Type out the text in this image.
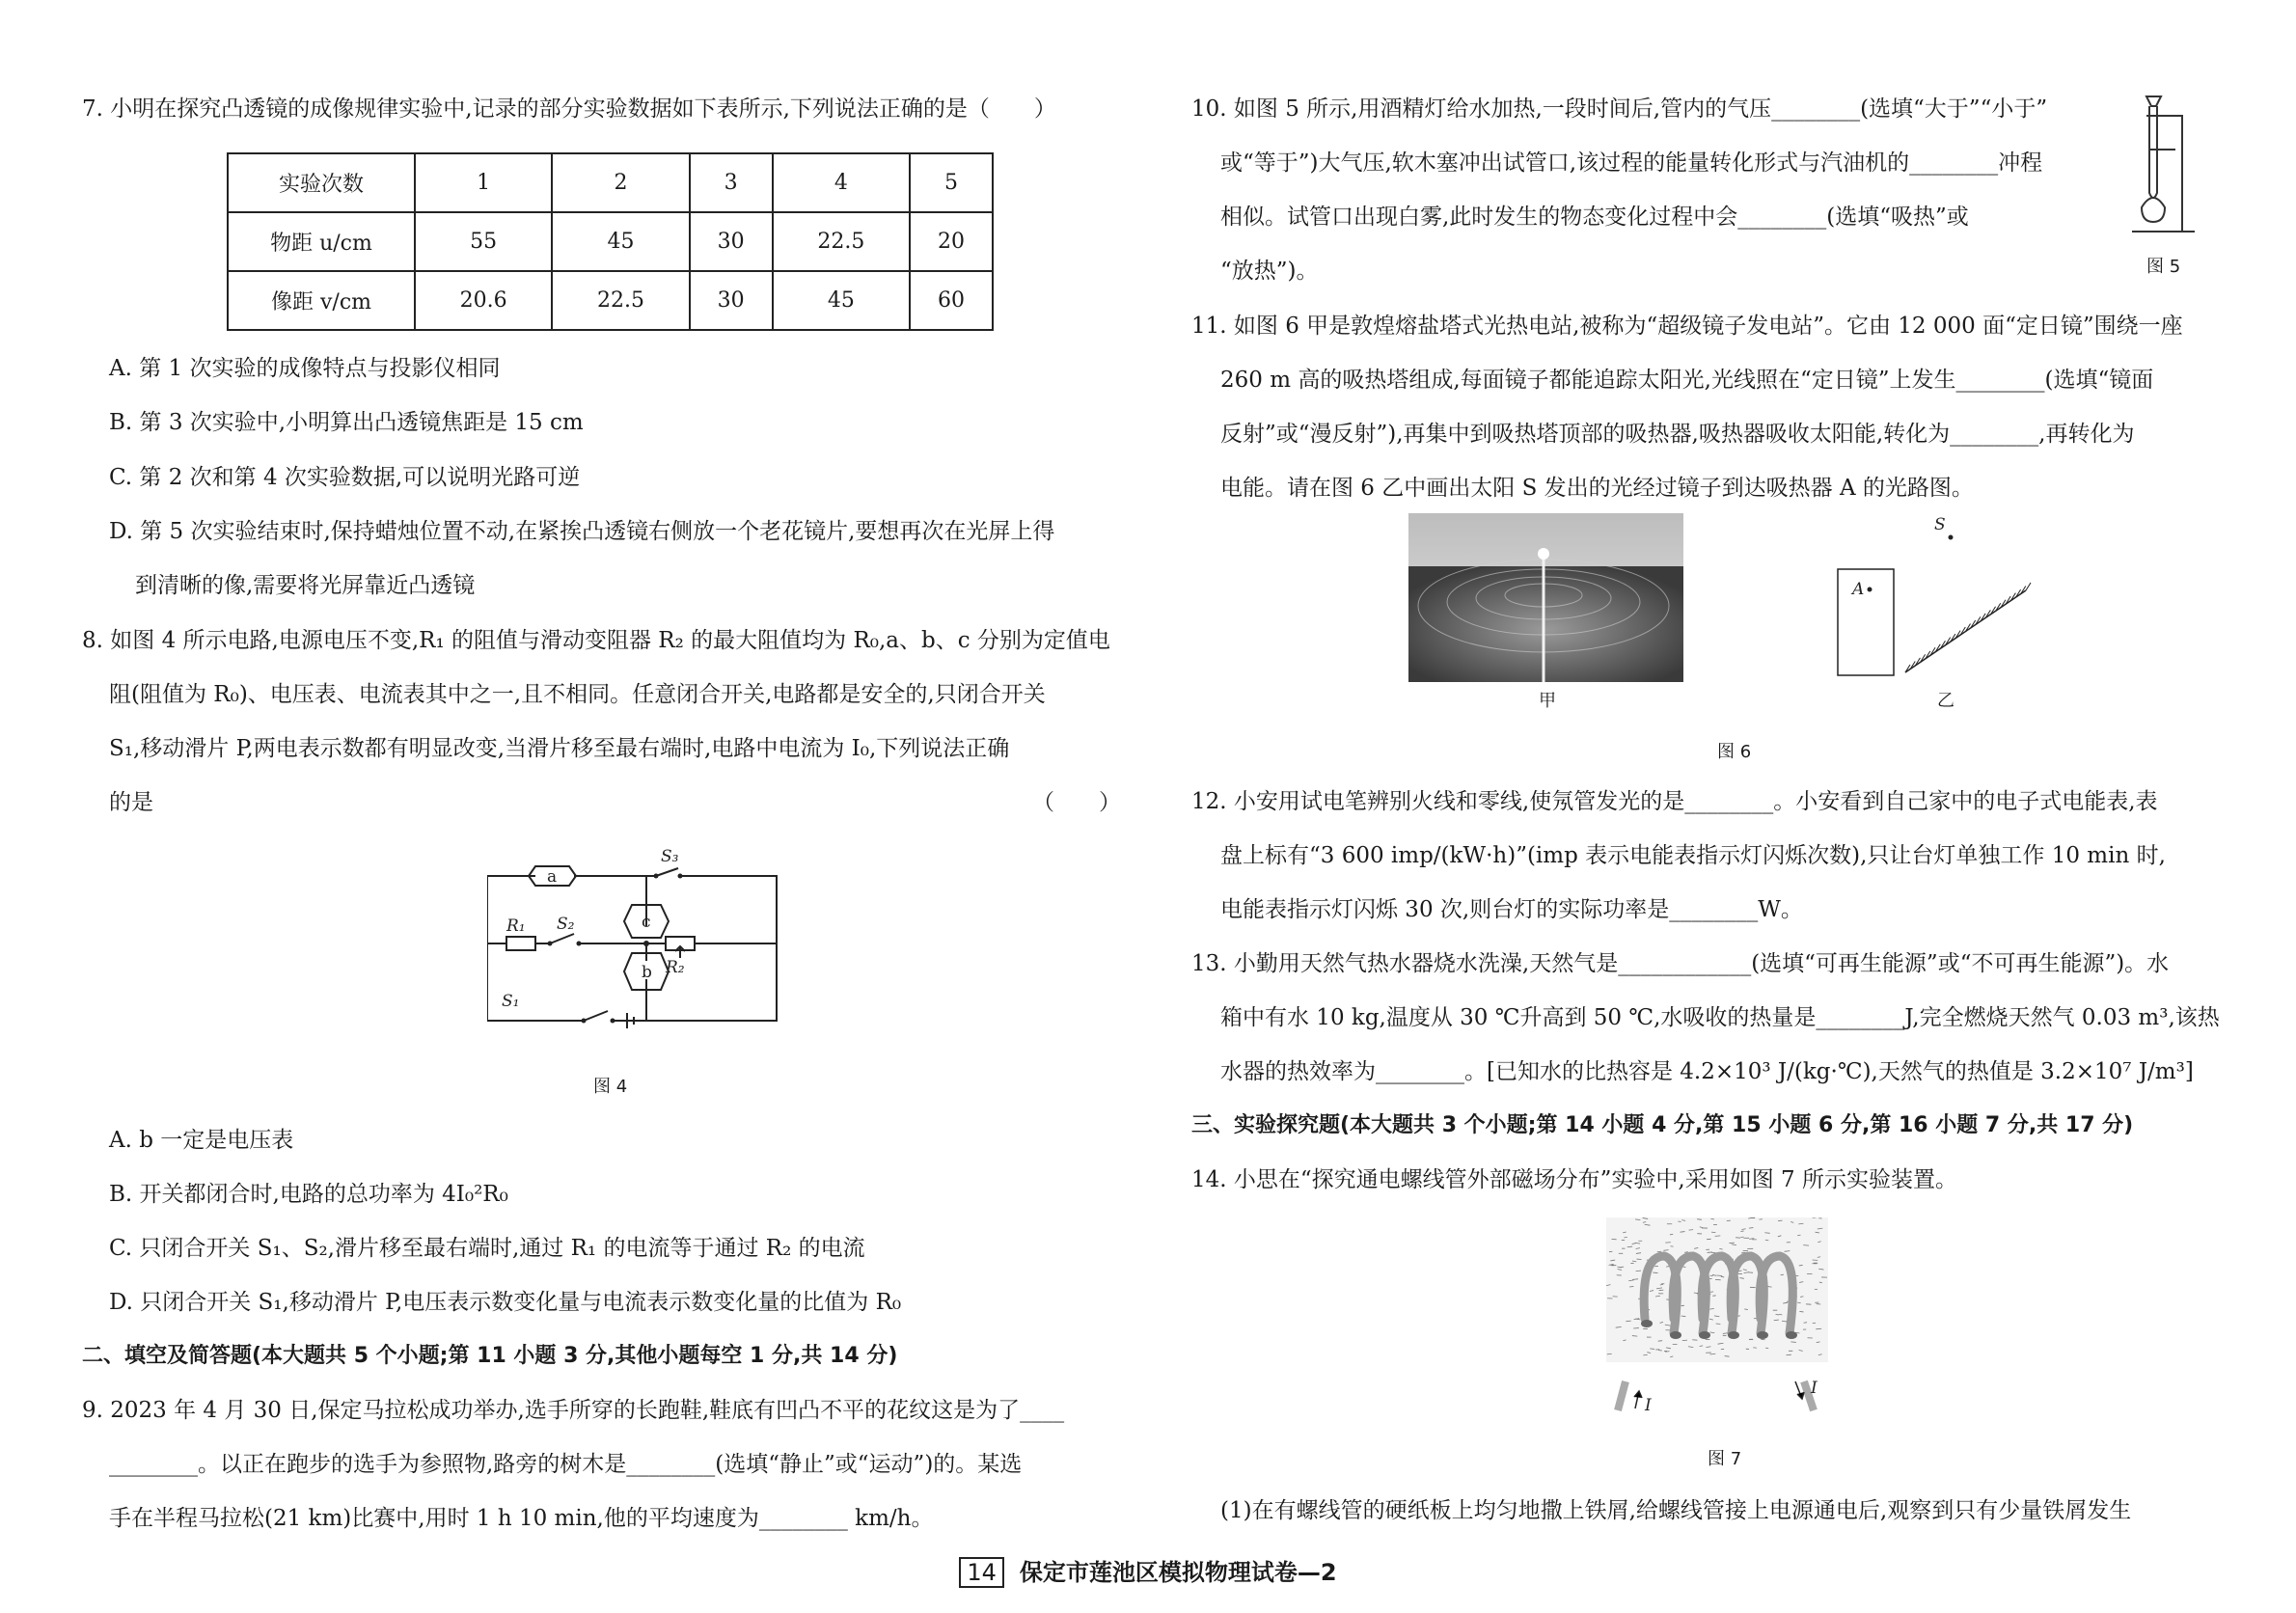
7. 小明在探究凸透镜的成像规律实验中,记录的部分实验数据如下表所示,下列说法正确的是（　　）
实验次数	1	2	3	4	5
物距 u/cm	55	45	30	22.5	20
像距 v/cm	20.6	22.5	30	45	60
A. 第 1 次实验的成像特点与投影仪相同
B. 第 3 次实验中,小明算出凸透镜焦距是 15 cm
C. 第 2 次和第 4 次实验数据,可以说明光路可逆
D. 第 5 次实验结束时,保持蜡烛位置不动,在紧挨凸透镜右侧放一个老花镜片,要想再次在光屏上得
到清晰的像,需要将光屏靠近凸透镜
8. 如图 4 所示电路,电源电压不变,R₁ 的阻值与滑动变阻器 R₂ 的最大阻值均为 R₀,a、b、c 分别为定值电
阻(阻值为 R₀)、电压表、电流表其中之一,且不相同。任意闭合开关,电路都是安全的,只闭合开关
S₁,移动滑片 P,两电表示数都有明显改变,当滑片移至最右端时,电路中电流为 I₀,下列说法正确
的是	（　　）
a
c
b
S₃
S₂
S₁
R₁
R₂
图 4
A. b 一定是电压表
B. 开关都闭合时,电路的总功率为 4I₀²R₀
C. 只闭合开关 S₁、S₂,滑片移至最右端时,通过 R₁ 的电流等于通过 R₂ 的电流
D. 只闭合开关 S₁,移动滑片 P,电压表示数变化量与电流表示数变化量的比值为 R₀
二、填空及简答题(本大题共 5 个小题;第 11 小题 3 分,其他小题每空 1 分,共 14 分)
9. 2023 年 4 月 30 日,保定马拉松成功举办,选手所穿的长跑鞋,鞋底有凹凸不平的花纹这是为了____
________。以正在跑步的选手为参照物,路旁的树木是________(选填“静止”或“运动”)的。某选
手在半程马拉松(21 km)比赛中,用时 1 h 10 min,他的平均速度为________ km/h。
10. 如图 5 所示,用酒精灯给水加热,一段时间后,管内的气压________(选填“大于”“小于”
或“等于”)大气压,软木塞冲出试管口,该过程的能量转化形式与汽油机的________冲程
相似。试管口出现白雾,此时发生的物态变化过程中会________(选填“吸热”或
“放热”)。	图 5
11. 如图 6 甲是敦煌熔盐塔式光热电站,被称为“超级镜子发电站”。它由 12 000 面“定日镜”围绕一座
260 m 高的吸热塔组成,每面镜子都能追踪太阳光,光线照在“定日镜”上发生________(选填“镜面
反射”或“漫反射”),再集中到吸热塔顶部的吸热器,吸热器吸收太阳能,转化为________,再转化为
电能。请在图 6 乙中画出太阳 S 发出的光经过镜子到达吸热器 A 的光路图。
甲
A
S
乙
图 6
12. 小安用试电笔辨别火线和零线,使氖管发光的是________。小安看到自己家中的电子式电能表,表
盘上标有“3 600 imp/(kW·h)”(imp 表示电能表指示灯闪烁次数),只让台灯单独工作 10 min 时,
电能表指示灯闪烁 30 次,则台灯的实际功率是________W。
13. 小勤用天然气热水器烧水洗澡,天然气是____________(选填“可再生能源”或“不可再生能源”)。水
箱中有水 10 kg,温度从 30 ℃升高到 50 ℃,水吸收的热量是________J,完全燃烧天然气 0.03 m³,该热
水器的热效率为________。[已知水的比热容是 4.2×10³ J/(kg·℃),天然气的热值是 3.2×10⁷ J/m³]
三、实验探究题(本大题共 3 个小题;第 14 小题 4 分,第 15 小题 6 分,第 16 小题 7 分,共 17 分)
14. 小思在“探究通电螺线管外部磁场分布”实验中,采用如图 7 所示实验装置。
I
I
图 7
(1)在有螺线管的硬纸板上均匀地撒上铁屑,给螺线管接上电源通电后,观察到只有少量铁屑发生
14 保定市莲池区模拟物理试卷—2
